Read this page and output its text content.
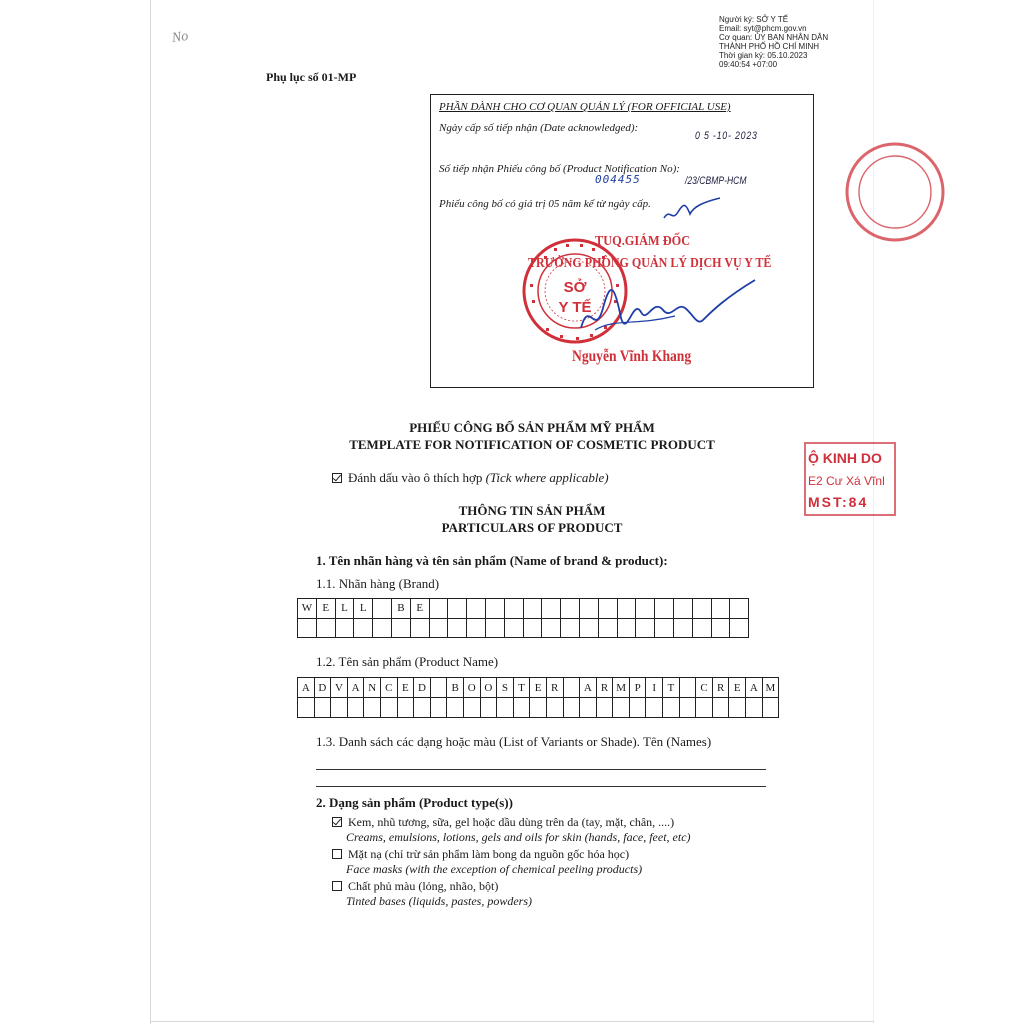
No
Người ký: SỞ Y TẾ
Email: syt@phcm.gov.vn
Cơ quan: ỦY BAN NHÂN DÂN
THÀNH PHỐ HỒ CHÍ MINH
Thời gian ký: 05.10.2023
09:40:54 +07:00
Phụ lục số 01-MP
PHẦN DÀNH CHO CƠ QUAN QUẢN LÝ (FOR OFFICIAL USE)
Ngày cấp số tiếp nhận (Date acknowledged):
0 5 -10- 2023
Số tiếp nhận Phiếu công bố (Product Notification No):
004455	/23/CBMP-HCM
Phiếu công bố có giá trị 05 năm kể từ ngày cấp.
SỞ
Y TẾ
TUQ.GIÁM ĐỐC
TRƯỞNG PHÒNG QUẢN LÝ DỊCH VỤ Y TẾ
Nguyễn Vĩnh Khang
Ộ KINH DO
E2 Cư Xá Vĩnl
MST:84
PHIẾU CÔNG BỐ SẢN PHẨM MỸ PHẨM
TEMPLATE FOR NOTIFICATION OF COSMETIC PRODUCT
Đánh dấu vào ô thích hợp (Tick where applicable)
THÔNG TIN SẢN PHẨM
PARTICULARS OF PRODUCT
1. Tên nhãn hàng và tên sản phẩm (Name of brand & product):
1.1. Nhãn hàng (Brand)
W	E	L	L		B	E																	

1.2. Tên sản phẩm (Product Name)
A	D	V	A	N	C	E	D		B	O	O	S	T	E	R		A	R	M	P	I	T		C	R	E	A	M

1.3. Danh sách các dạng hoặc màu (List of Variants or Shade). Tên (Names)
2. Dạng sản phẩm (Product type(s))
Kem, nhũ tương, sữa, gel hoặc dầu dùng trên da (tay, mặt, chân, ....)
Creams, emulsions, lotions, gels and oils for skin (hands, face, feet, etc)
Mặt nạ (chỉ trừ sản phẩm làm bong da nguồn gốc hóa học)
Face masks (with the exception of chemical peeling products)
Chất phủ màu (lỏng, nhão, bột)
Tinted bases (liquids, pastes, powders)
